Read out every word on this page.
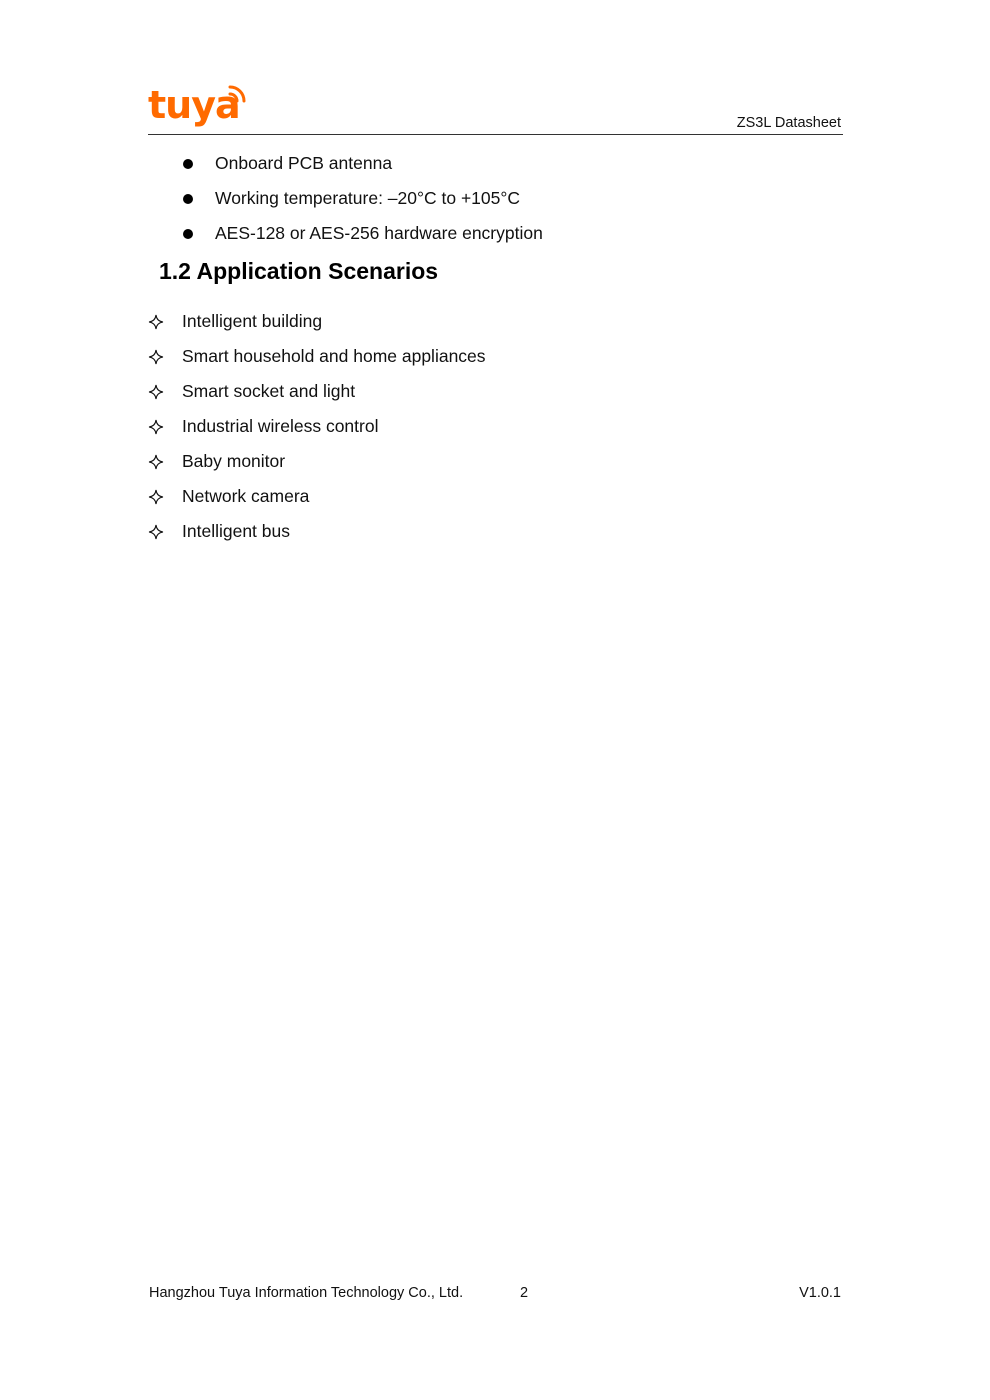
tuya	ZS3L Datasheet
Onboard PCB antenna
Working temperature: –20°C to +105°C
AES-128 or AES-256 hardware encryption
1.2 Application Scenarios
Intelligent building
Smart household and home appliances
Smart socket and light
Industrial wireless control
Baby monitor
Network camera
Intelligent bus
Hangzhou Tuya Information Technology Co., Ltd.	2	V1.0.1
